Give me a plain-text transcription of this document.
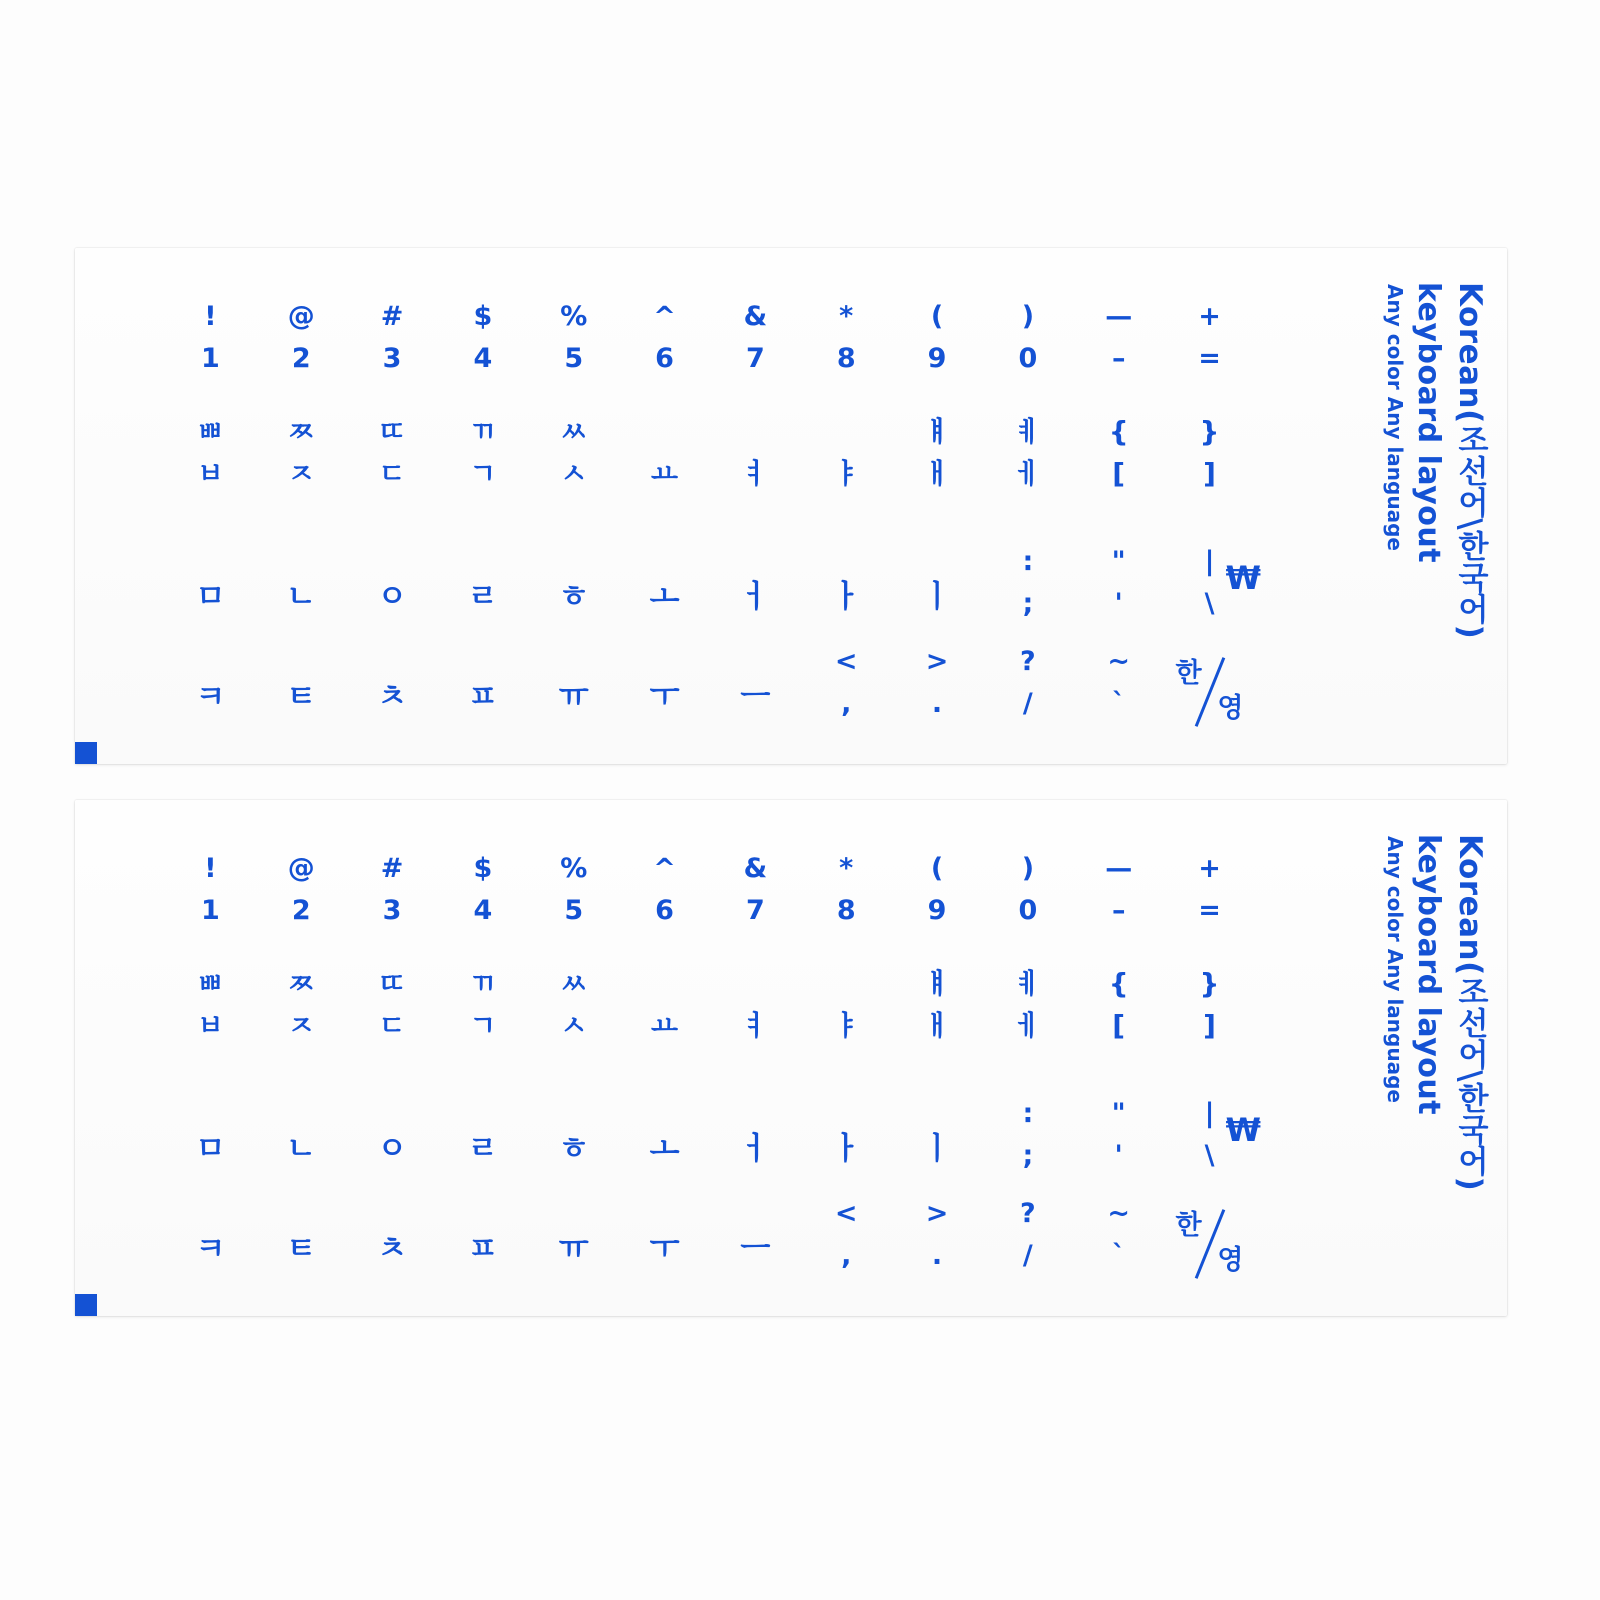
!
1
@
2
#
3
$
4
%
5
^
6
&
7
*
8
(
9
)
0
—
–
+
=
ㅃ
ㅂ
ㅉ
ㅈ
ㄸ
ㄷ
ㄲ
ㄱ
ㅆ
ㅅ ㅛ ㅕ ㅑ
ㅒ
ㅐ
ㅖ
ㅔ
{
[
}
]
ㅁ ㄴ ㅇ ㄹ ㅎ ㅗ ㅓ ㅏ ㅣ
:
;
"
'
|
\
₩
ㅋ ㅌ ㅊ ㅍ ㅠ ㅜ ㅡ
<
,
>
.
?
/
~
`
한
영
Korean(조선어\한국어)
keyboard layout
Any color Any language
!
1
@
2
#
3
$
4
%
5
^
6
&
7
*
8
(
9
)
0
—
–
+
=
ㅃ
ㅂ
ㅉ
ㅈ
ㄸ
ㄷ
ㄲ
ㄱ
ㅆ
ㅅ ㅛ ㅕ ㅑ
ㅒ
ㅐ
ㅖ
ㅔ
{
[
}
]
ㅁ ㄴ ㅇ ㄹ ㅎ ㅗ ㅓ ㅏ ㅣ
:
;
"
'
|
\
₩
ㅋ ㅌ ㅊ ㅍ ㅠ ㅜ ㅡ
<
,
>
.
?
/
~
`
한
영
Korean(조선어\한국어)
keyboard layout
Any color Any language
